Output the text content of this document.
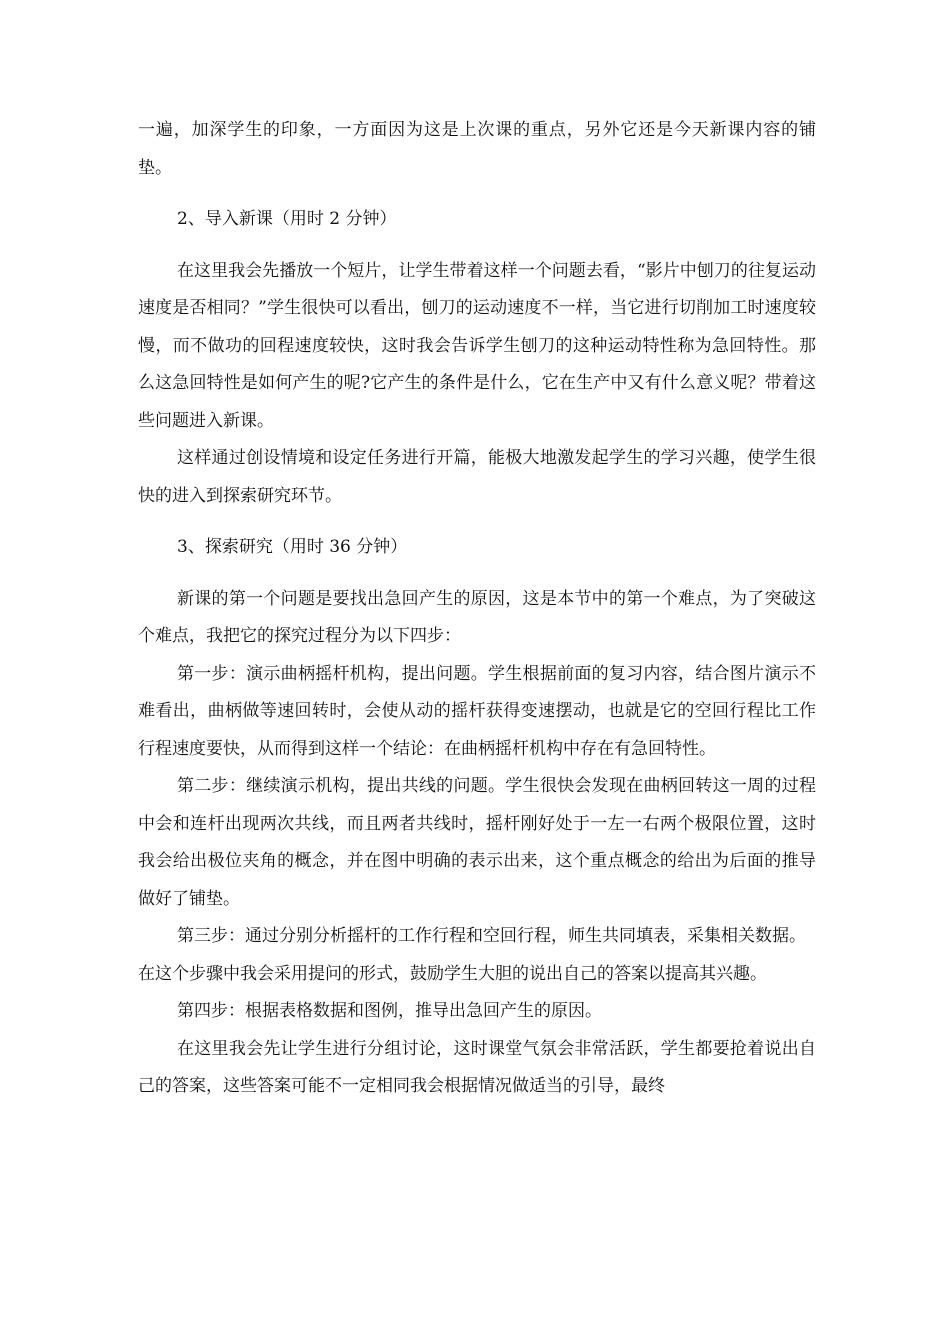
一遍，加深学生的印象，一方面因为这是上次课的重点，另外它还是今天新课内容的铺垫。

2、导入新课（用时 2 分钟）

在这里我会先播放一个短片，让学生带着这样一个问题去看，“影片中刨刀的往复运动速度是否相同？”学生很快可以看出，刨刀的运动速度不一样，当它进行切削加工时速度较慢，而不做功的回程速度较快，这时我会告诉学生刨刀的这种运动特性称为急回特性。那么这急回特性是如何产生的呢?它产生的条件是什么，它在生产中又有什么意义呢？带着这些问题进入新课。

这样通过创设情境和设定任务进行开篇，能极大地激发起学生的学习兴趣，使学生很快的进入到探索研究环节。

3、探索研究（用时 36 分钟）

新课的第一个问题是要找出急回产生的原因，这是本节中的第一个难点，为了突破这个难点，我把它的探究过程分为以下四步：

第一步：演示曲柄摇杆机构，提出问题。学生根据前面的复习内容，结合图片演示不难看出，曲柄做等速回转时，会使从动的摇杆获得变速摆动，也就是它的空回行程比工作行程速度要快，从而得到这样一个结论：在曲柄摇杆机构中存在有急回特性。

第二步：继续演示机构，提出共线的问题。学生很快会发现在曲柄回转这一周的过程中会和连杆出现两次共线，而且两者共线时，摇杆刚好处于一左一右两个极限位置，这时我会给出极位夹角的概念，并在图中明确的表示出来，这个重点概念的给出为后面的推导做好了铺垫。

第三步：通过分别分析摇杆的工作行程和空回行程，师生共同填表，采集相关数据。

在这个步骤中我会采用提问的形式，鼓励学生大胆的说出自己的答案以提高其兴趣。

第四步：根据表格数据和图例，推导出急回产生的原因。

在这里我会先让学生进行分组讨论，这时课堂气氛会非常活跃，学生都要抢着说出自己的答案，这些答案可能不一定相同我会根据情况做适当的引导，最终
